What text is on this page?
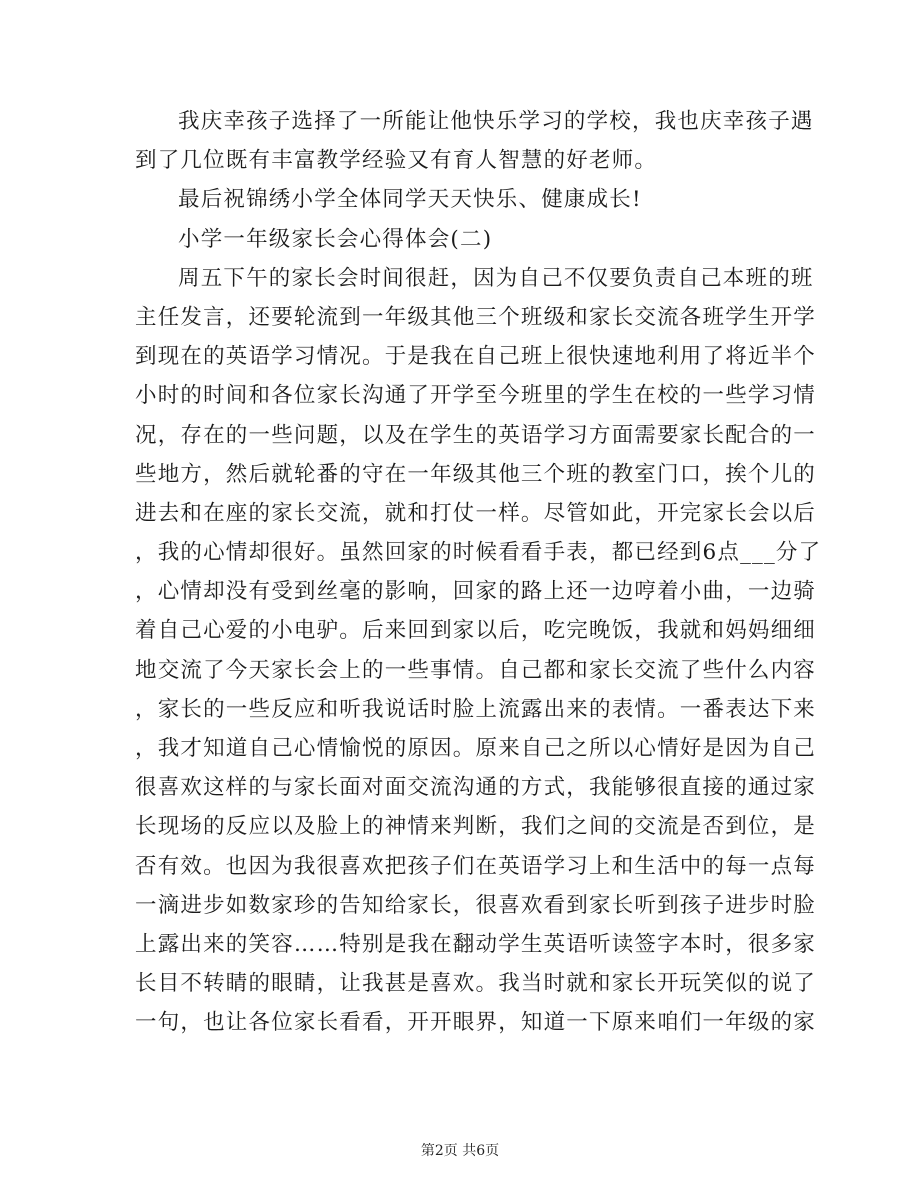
我庆幸孩子选择了一所能让他快乐学习的学校，我也庆幸孩子遇
到了几位既有丰富教学经验又有育人智慧的好老师。
最后祝锦绣小学全体同学天天快乐、健康成长!
小学一年级家长会心得体会(二)
周五下午的家长会时间很赶，因为自己不仅要负责自己本班的班
主任发言，还要轮流到一年级其他三个班级和家长交流各班学生开学
到现在的英语学习情况。于是我在自己班上很快速地利用了将近半个
小时的时间和各位家长沟通了开学至今班里的学生在校的一些学习情
况，存在的一些问题，以及在学生的英语学习方面需要家长配合的一
些地方，然后就轮番的守在一年级其他三个班的教室门口，挨个儿的
进去和在座的家长交流，就和打仗一样。尽管如此，开完家长会以后
，我的心情却很好。虽然回家的时候看看手表，都已经到6点___分了
，心情却没有受到丝毫的影响，回家的路上还一边哼着小曲，一边骑
着自己心爱的小电驴。后来回到家以后，吃完晚饭，我就和妈妈细细
地交流了今天家长会上的一些事情。自己都和家长交流了些什么内容
，家长的一些反应和听我说话时脸上流露出来的表情。一番表达下来
，我才知道自己心情愉悦的原因。原来自己之所以心情好是因为自己
很喜欢这样的与家长面对面交流沟通的方式，我能够很直接的通过家
长现场的反应以及脸上的神情来判断，我们之间的交流是否到位，是
否有效。也因为我很喜欢把孩子们在英语学习上和生活中的每一点每
一滴进步如数家珍的告知给家长，很喜欢看到家长听到孩子进步时脸
上露出来的笑容……特别是我在翻动学生英语听读签字本时，很多家
长目不转睛的眼睛，让我甚是喜欢。我当时就和家长开玩笑似的说了
一句，也让各位家长看看，开开眼界，知道一下原来咱们一年级的家
第2页 共6页
